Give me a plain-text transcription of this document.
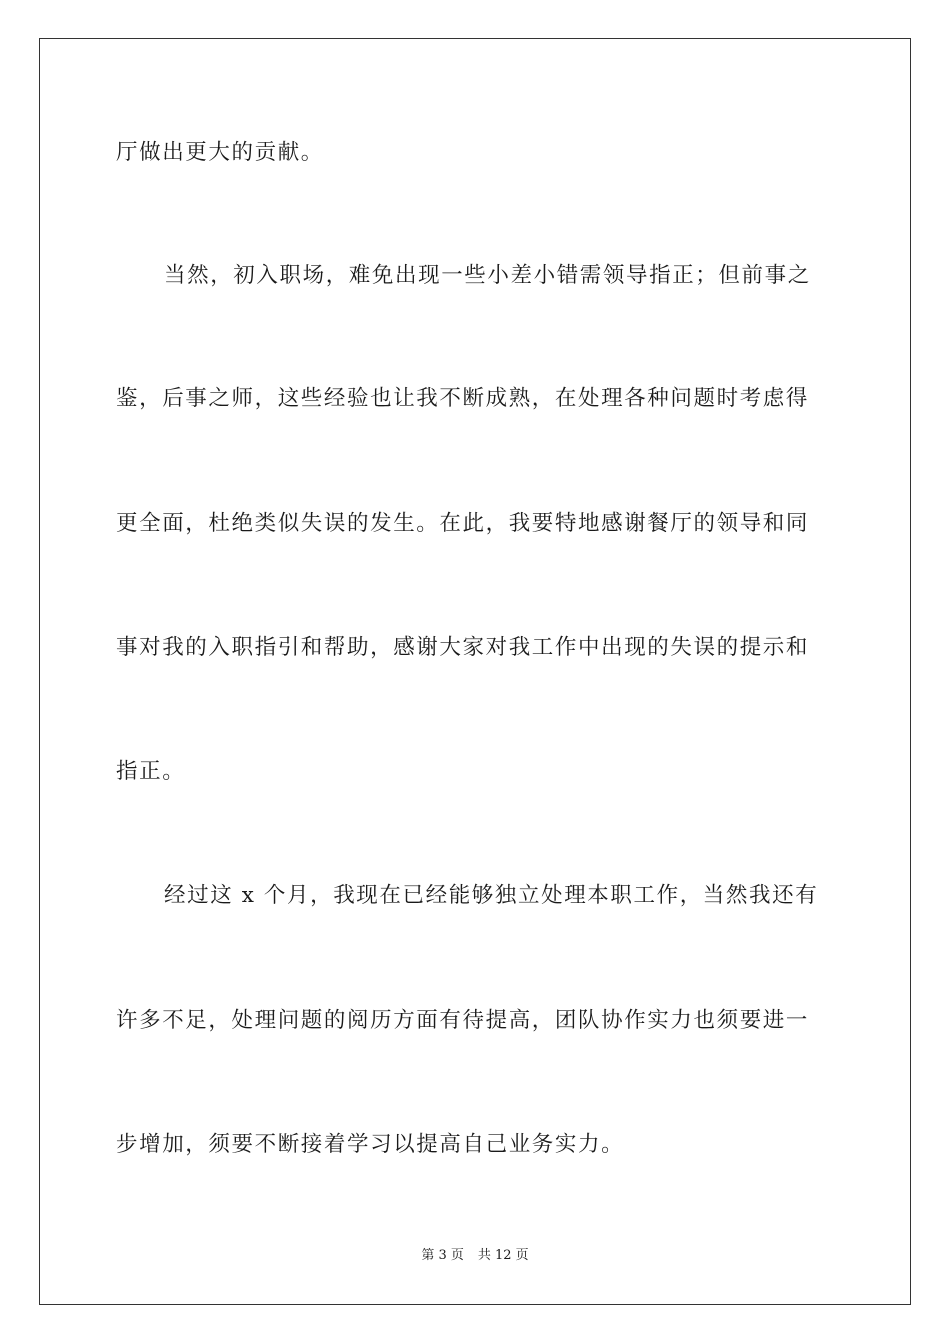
厅做出更大的贡献。
当然，初入职场，难免出现一些小差小错需领导指正；但前事之
鉴，后事之师，这些经验也让我不断成熟，在处理各种问题时考虑得
更全面，杜绝类似失误的发生。在此，我要特地感谢餐厅的领导和同
事对我的入职指引和帮助，感谢大家对我工作中出现的失误的提示和
指正。
经过这 x 个月，我现在已经能够独立处理本职工作，当然我还有
许多不足，处理问题的阅历方面有待提高，团队协作实力也须要进一
步增加，须要不断接着学习以提高自己业务实力。
第 3 页 共 12 页
